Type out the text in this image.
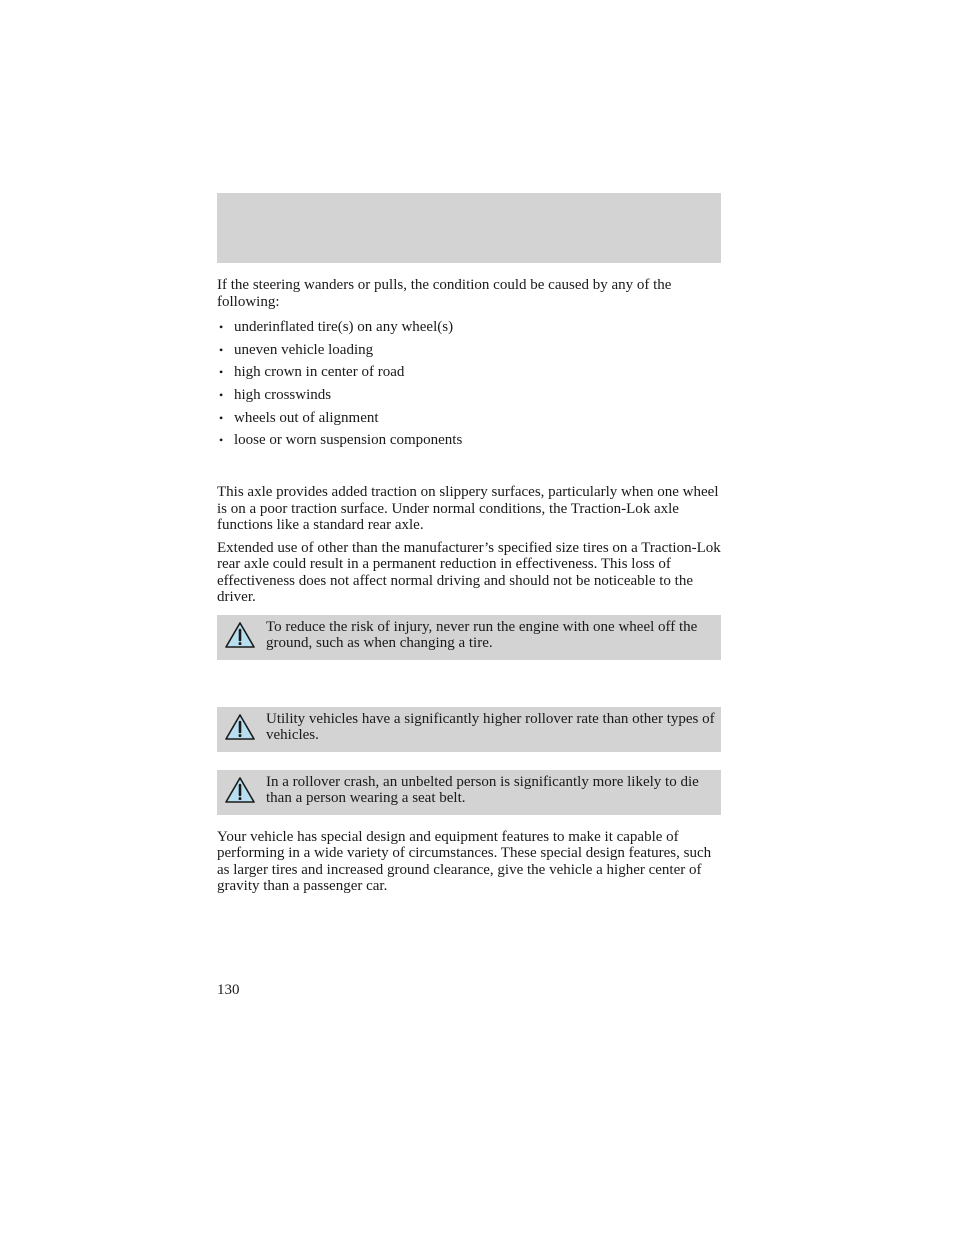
If the steering wanders or pulls, the condition could be caused by any of the following:

• underinflated tire(s) on any wheel(s)
• uneven vehicle loading
• high crown in center of road
• high crosswinds
• wheels out of alignment
• loose or worn suspension components

This axle provides added traction on slippery surfaces, particularly when one wheel is on a poor traction surface. Under normal conditions, the Traction-Lok axle functions like a standard rear axle.

Extended use of other than the manufacturer’s specified size tires on a Traction-Lok rear axle could result in a permanent reduction in effectiveness. This loss of effectiveness does not affect normal driving and should not be noticeable to the driver.

To reduce the risk of injury, never run the engine with one wheel off the ground, such as when changing a tire.

Utility vehicles have a significantly higher rollover rate than other types of vehicles.

In a rollover crash, an unbelted person is significantly more likely to die than a person wearing a seat belt.

Your vehicle has special design and equipment features to make it capable of performing in a wide variety of circumstances. These special design features, such as larger tires and increased ground clearance, give the vehicle a higher center of gravity than a passenger car.

130
